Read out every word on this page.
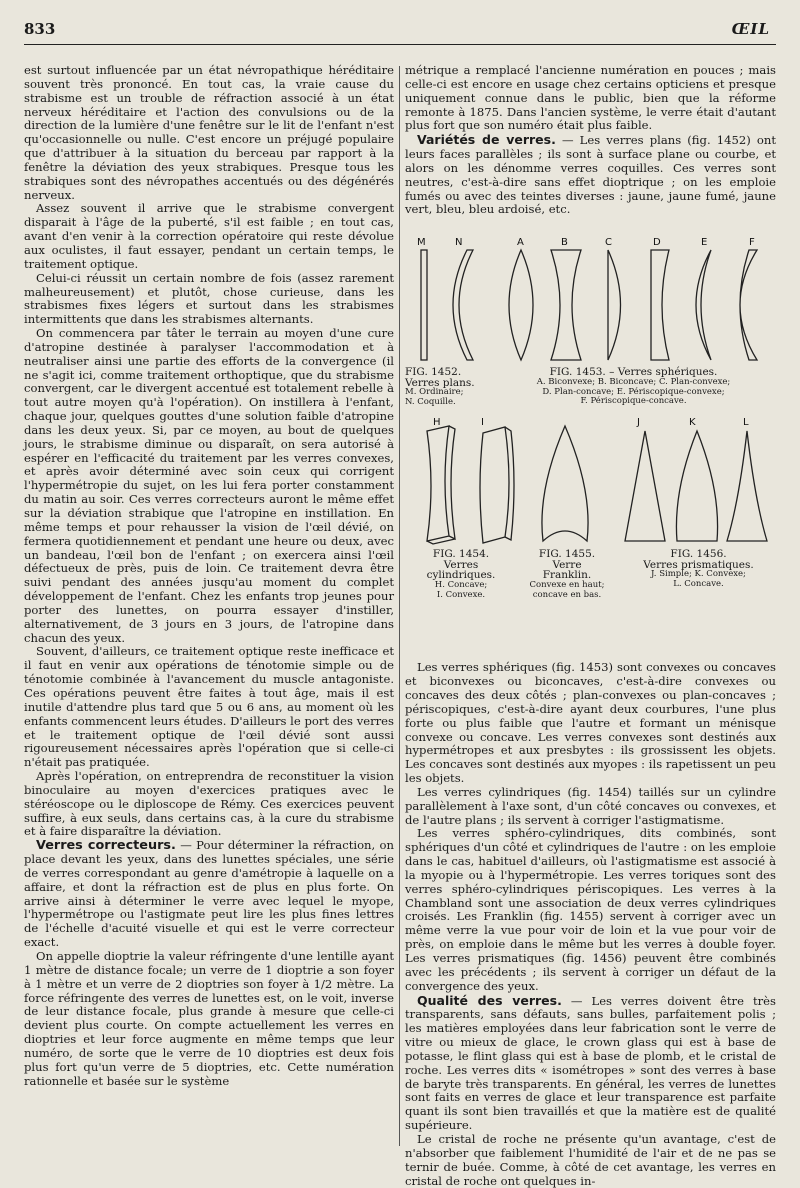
833	ŒIL

est surtout influencée par un état névropathique héréditaire souvent très prononcé. En tout cas, la vraie cause du strabisme est un trouble de réfraction associé à un état nerveux héréditaire et l'action des convulsions ou de la direction de la lumière d'une fenêtre sur le lit de l'enfant n'est qu'occasionnelle ou nulle. C'est encore un préjugé populaire que d'attribuer à la situation du berceau par rapport à la fenêtre la déviation des yeux strabiques. Presque tous les strabiques sont des névropathes accentués ou des dégénérés nerveux.

Assez souvent il arrive que le strabisme convergent disparait à l'âge de la puberté, s'il est faible ; en tout cas, avant d'en venir à la correction opératoire qui reste dévolue aux oculistes, il faut essayer, pendant un certain temps, le traitement optique.

Celui-ci réussit un certain nombre de fois (assez rarement malheureusement) et plutôt, chose curieuse, dans les strabismes fixes légers et surtout dans les strabismes intermittents que dans les strabismes alternants.

On commencera par tâter le terrain au moyen d'une cure d'atropine destinée à paralyser l'accommodation et à neutraliser ainsi une partie des efforts de la convergence (il ne s'agit ici, comme traitement orthoptique, que du strabisme convergent, car le divergent accentué est totalement rebelle à tout autre moyen qu'à l'opération). On instillera à l'enfant, chaque jour, quelques gouttes d'une solution faible d'atropine dans les deux yeux. Si, par ce moyen, au bout de quelques jours, le strabisme diminue ou disparaît, on sera autorisé à espérer en l'efficacité du traitement par les verres convexes, et après avoir déterminé avec soin ceux qui corrigent l'hypermétropie du sujet, on les lui fera porter constamment du matin au soir. Ces verres correcteurs auront le même effet sur la déviation strabique que l'atropine en instillation. En même temps et pour rehausser la vision de l'œil dévié, on fermera quotidiennement et pendant une heure ou deux, avec un bandeau, l'œil bon de l'enfant ; on exercera ainsi l'œil défectueux de près, puis de loin. Ce traitement devra être suivi pendant des années jusqu'au moment du complet développement de l'enfant. Chez les enfants trop jeunes pour porter des lunettes, on pourra essayer d'instiller, alternativement, de 3 jours en 3 jours, de l'atropine dans chacun des yeux.

Souvent, d'ailleurs, ce traitement optique reste inefficace et il faut en venir aux opérations de ténotomie simple ou de ténotomie combinée à l'avancement du muscle antagoniste. Ces opérations peuvent être faites à tout âge, mais il est inutile d'attendre plus tard que 5 ou 6 ans, au moment où les enfants commencent leurs études. D'ailleurs le port des verres et le traitement optique de l'œil dévié sont aussi rigoureusement nécessaires après l'opération que si celle-ci n'était pas pratiquée.

Après l'opération, on entreprendra de reconstituer la vision binoculaire au moyen d'exercices pratiques avec le stéréoscope ou le diploscope de Rémy. Ces exercices peuvent suffire, à eux seuls, dans certains cas, à la cure du strabisme et à faire disparaître la déviation.

Verres correcteurs. — Pour déterminer la réfraction, on place devant les yeux, dans des lunettes spéciales, une série de verres correspondant au genre d'amétropie à laquelle on a affaire, et dont la réfraction est de plus en plus forte. On arrive ainsi à déterminer le verre avec lequel le myope, l'hypermétrope ou l'astigmate peut lire les plus fines lettres de l'échelle d'acuité visuelle et qui est le verre correcteur exact.

On appelle dioptrie la valeur réfringente d'une lentille ayant 1 mètre de distance focale; un verre de 1 dioptrie a son foyer à 1 mètre et un verre de 2 dioptries son foyer à 1/2 mètre. La force réfringente des verres de lunettes est, on le voit, inverse de leur distance focale, plus grande à mesure que celle-ci devient plus courte. On compte actuellement les verres en dioptries et leur force augmente en même temps que leur numéro, de sorte que le verre de 10 dioptries est deux fois plus fort qu'un verre de 5 dioptries, etc. Cette numération rationnelle et basée sur le système

métrique a remplacé l'ancienne numération en pouces ; mais celle-ci est encore en usage chez certains opticiens et presque uniquement connue dans le public, bien que la réforme remonte à 1875. Dans l'ancien système, le verre était d'autant plus fort que son numéro était plus faible.

Variétés de verres. — Les verres plans (fig. 1452) ont leurs faces parallèles ; ils sont à surface plane ou courbe, et alors on les dénomme verres coquilles. Ces verres sont neutres, c'est-à-dire sans effet dioptrique ; on les emploie fumés ou avec des teintes diverses : jaune, jaune fumé, jaune vert, bleu, bleu ardoisé, etc.

M	N	A	B	C	D	E	F
H	I	J	K	L
FIG. 1452.
Verres plans.
M. Ordinaire;
N. Coquille.
FIG. 1453. – Verres sphériques.
A. Biconvexe; B. Biconcave; C. Plan-convexe;
D. Plan-concave; E. Périscopique-convexe;
F. Périscopique-concave.
FIG. 1454.
Verres
cylindriques.
H. Concave;
I. Convexe.
FIG. 1455.
Verre
Franklin.
Convexe en haut;
concave en bas.
FIG. 1456.
Verres prismatiques.
J. Simple; K. Convexe;
L. Concave.

Les verres sphériques (fig. 1453) sont convexes ou concaves et biconvexes ou biconcaves, c'est-à-dire convexes ou concaves des deux côtés ; plan-convexes ou plan-concaves ; périscopiques, c'est-à-dire ayant deux courbures, l'une plus forte ou plus faible que l'autre et formant un ménisque convexe ou concave. Les verres convexes sont destinés aux hypermétropes et aux presbytes : ils grossissent les objets. Les concaves sont destinés aux myopes : ils rapetissent un peu les objets.

Les verres cylindriques (fig. 1454) taillés sur un cylindre parallèlement à l'axe sont, d'un côté concaves ou convexes, et de l'autre plans ; ils servent à corriger l'astigmatisme.

Les verres sphéro-cylindriques, dits combinés, sont sphériques d'un côté et cylindriques de l'autre : on les emploie dans le cas, habituel d'ailleurs, où l'astigmatisme est associé à la myopie ou à l'hypermétropie. Les verres toriques sont des verres sphéro-cylindriques périscopiques. Les verres à la Chambland sont une association de deux verres cylindriques croisés. Les Franklin (fig. 1455) servent à corriger avec un même verre la vue pour voir de loin et la vue pour voir de près, on emploie dans le même but les verres à double foyer. Les verres prismatiques (fig. 1456) peuvent être combinés avec les précédents ; ils servent à corriger un défaut de la convergence des yeux.

Qualité des verres. — Les verres doivent être très transparents, sans défauts, sans bulles, parfaitement polis ; les matières employées dans leur fabrication sont le verre de vitre ou mieux de glace, le crown glass qui est à base de potasse, le flint glass qui est à base de plomb, et le cristal de roche. Les verres dits « isométropes » sont des verres à base de baryte très transparents. En général, les verres de lunettes sont faits en verres de glace et leur transparence est parfaite quant ils sont bien travaillés et que la matière est de qualité supérieure.

Le cristal de roche ne présente qu'un avantage, c'est de n'absorber que faiblement l'humidité de l'air et de ne pas se ternir de buée. Comme, à côté de cet avantage, les verres en cristal de roche ont quelques in-
